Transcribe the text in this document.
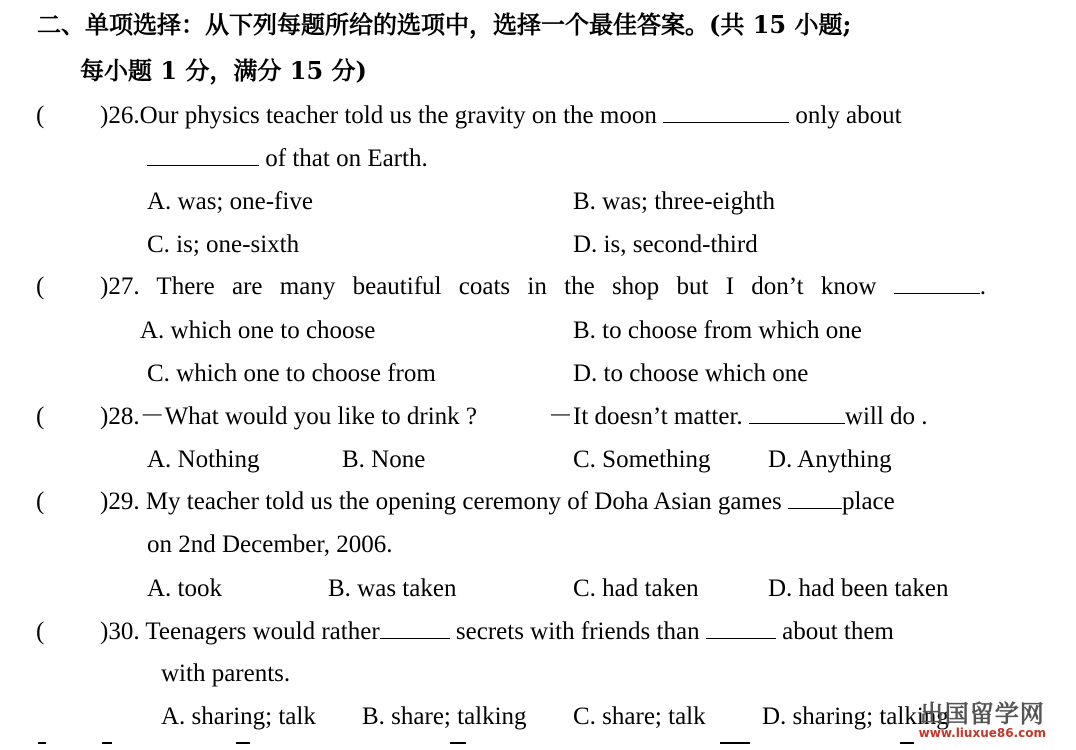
二、单项选择：从下列每题所给的选项中，选择一个最佳答案。(共 15 小题;
每小题 1 分，满分 15 分)
( )26.Our physics teacher told us the gravity on the moon	only about
of that on Earth.
A. was; one-five	B. was; three-eighth
C. is; one-sixth	D. is, second-third
( )27. There are many beautiful coats in the shop but I don’t know	.
A. which one to choose	B. to choose from which one
C. which one to choose from	D. to choose which one
( )28.－What would you like to drink ?	－It doesn’t matter.	will do .
A. Nothing	B. None	C. Something D. Anything
( )29. My teacher told us the opening ceremony of Doha Asian games place
on 2nd December, 2006.
A. took	B. was taken	C. had taken	D. had been taken
( )30. Teenagers would rather	secrets with friends than	about them
with parents.
A. sharing; talk B. share; talking C. share; talk D. sharing; talking
出国留学网
www.liuxue86.com
